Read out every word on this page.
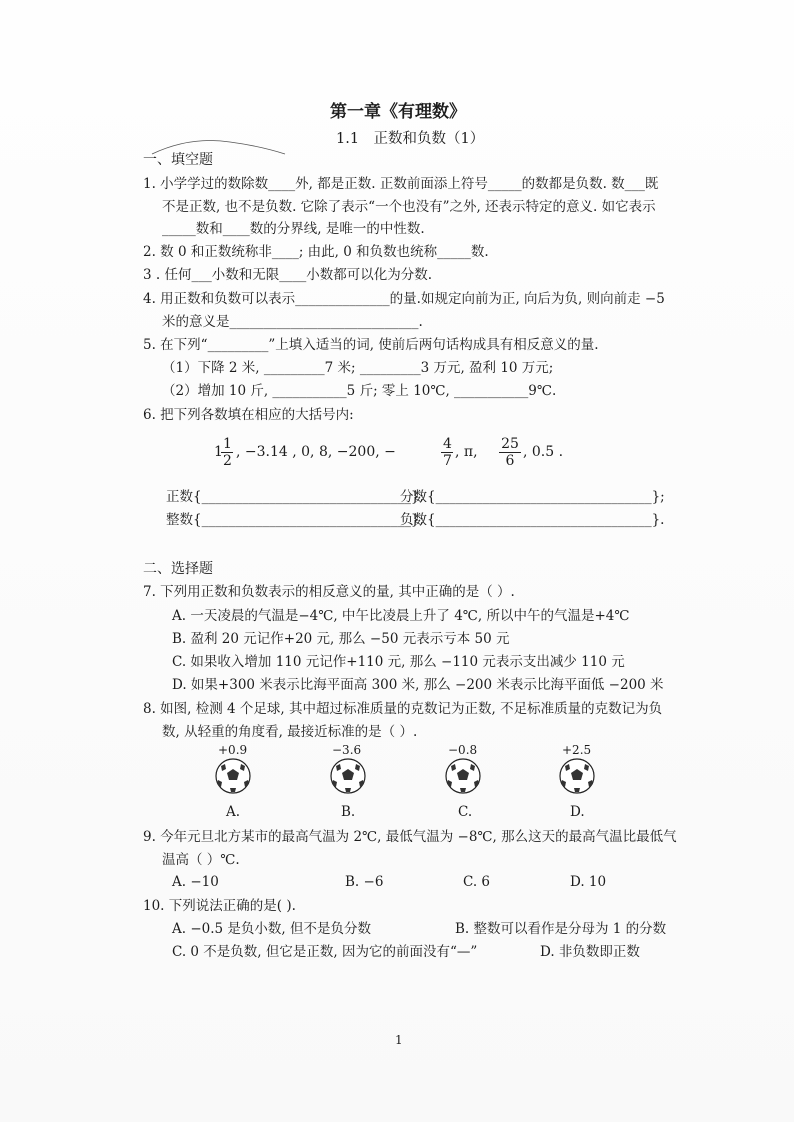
第一章《有理数》
1.1　正数和负数（1）
一、填空题
1. 小学学过的数除数____外, 都是正数. 正数前面添上符号_____的数都是负数. 数___既
不是正数, 也不是负数. 它除了表示“一个也没有”之外, 还表示特定的意义. 如它表示
_____数和____数的分界线, 是唯一的中性数.
2. 数 0 和正数统称非____; 由此, 0 和负数也统称_____数.
3 . 任何___小数和无限____小数都可以化为分数.
4. 用正数和负数可以表示______________的量.如规定向前为正, 向后为负, 则向前走 −5
米的意义是____________________________.
5. 在下列“_________”上填入适当的词, 使前后两句话构成具有相反意义的量.
（1）下降 2 米, _________7 米; _________3 万元, 盈利 10 万元;
（2）增加 10 斤, ___________5 斤; 零上 10℃, ___________9℃.
6. 把下列各数填在相应的大括号内:
1
$\frac{1}{2}$ , −3.14 , 0, 8, −200, −	$\frac{4}{7}$ , π, $\frac{25}{6}$ , 0.5̇ .
正数{_______________________________};
分数{________________________________};
整数{_______________________________};
负数{________________________________}.
二、选择题
7. 下列用正数和负数表示的相反意义的量, 其中正确的是（ ）.
A. 一天凌晨的气温是−4℃, 中午比凌晨上升了 4℃, 所以中午的气温是+4℃
B. 盈利 20 元记作+20 元, 那么 −50 元表示亏本 50 元
C. 如果收入增加 110 元记作+110 元, 那么 −110 元表示支出减少 110 元
D. 如果+300 米表示比海平面高 300 米, 那么 −200 米表示比海平面低 −200 米
8. 如图, 检测 4 个足球, 其中超过标准质量的克数记为正数, 不足标准质量的克数记为负
数, 从轻重的角度看, 最接近标准的是（ ）.
+0.9	−3.6	−0.8	+2.5
A.	B.	C.	D.
9. 今年元旦北方某市的最高气温为 2℃, 最低气温为 −8℃, 那么这天的最高气温比最低气
温高（ ）℃.
A. −10	B. −6	C. 6	D. 10
10. 下列说法正确的是( ).
A. −0.5 是负小数, 但不是负分数	B. 整数可以看作是分母为 1 的分数
C. 0 不是负数, 但它是正数, 因为它的前面没有“—”	D. 非负数即正数
1
